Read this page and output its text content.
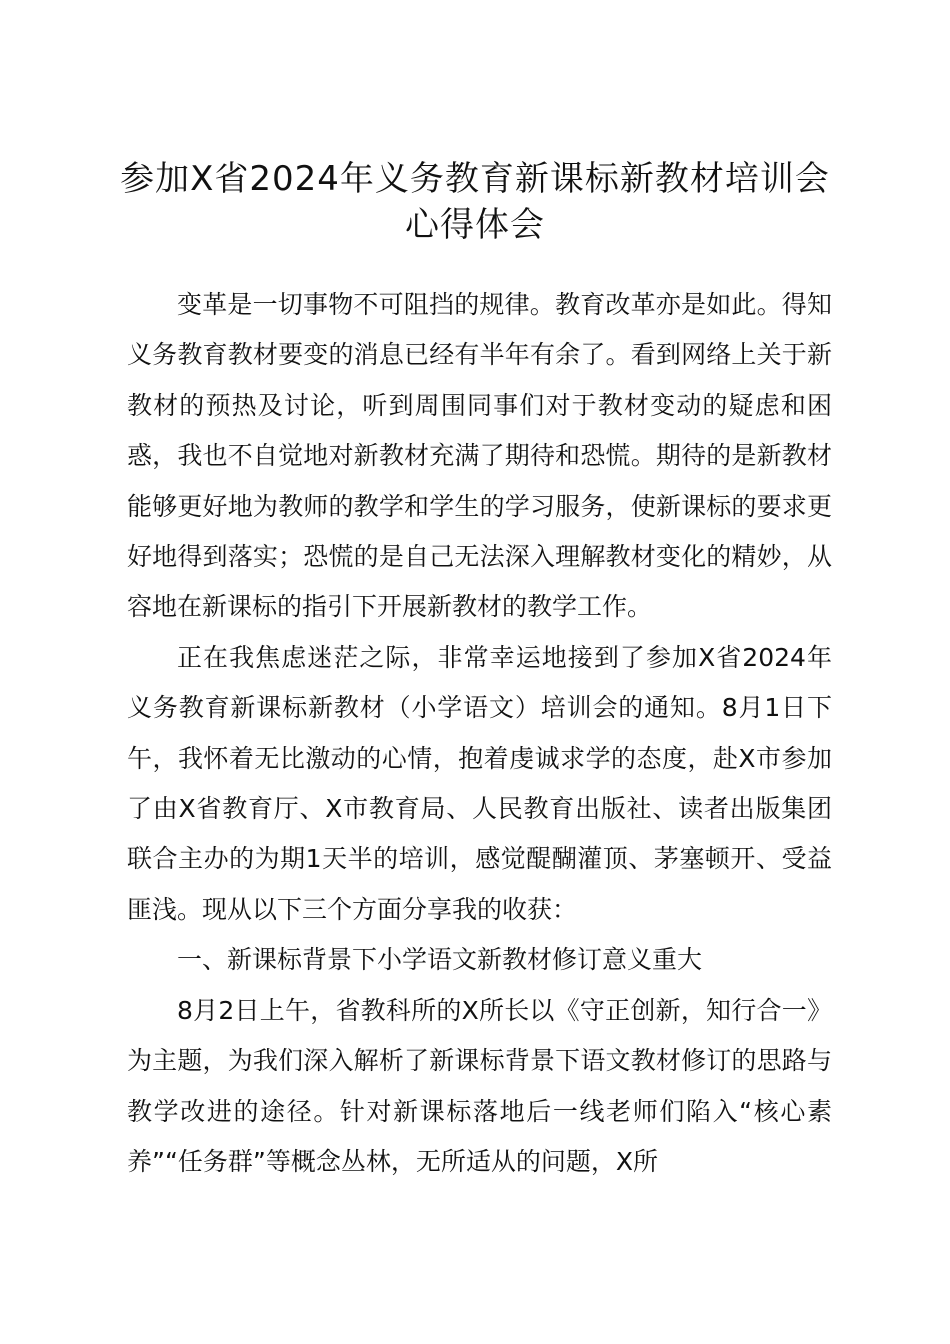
参加X省2024年义务教育新课标新教材培训会心得体会

变革是一切事物不可阻挡的规律。教育改革亦是如此。得知义务教育教材要变的消息已经有半年有余了。看到网络上关于新教材的预热及讨论，听到周围同事们对于教材变动的疑虑和困惑，我也不自觉地对新教材充满了期待和恐慌。期待的是新教材能够更好地为教师的教学和学生的学习服务，使新课标的要求更好地得到落实；恐慌的是自己无法深入理解教材变化的精妙，从容地在新课标的指引下开展新教材的教学工作。

正在我焦虑迷茫之际，非常幸运地接到了参加X省2024年义务教育新课标新教材（小学语文）培训会的通知。8月1日下午，我怀着无比激动的心情，抱着虔诚求学的态度，赴X市参加了由X省教育厅、X市教育局、人民教育出版社、读者出版集团联合主办的为期1天半的培训，感觉醍醐灌顶、茅塞顿开、受益匪浅。现从以下三个方面分享我的收获：

一、新课标背景下小学语文新教材修订意义重大

8月2日上午，省教科所的X所长以《守正创新，知行合一》为主题，为我们深入解析了新课标背景下语文教材修订的思路与教学改进的途径。针对新课标落地后一线老师们陷入“核心素养”“任务群”等概念丛林，无所适从的问题，X所
